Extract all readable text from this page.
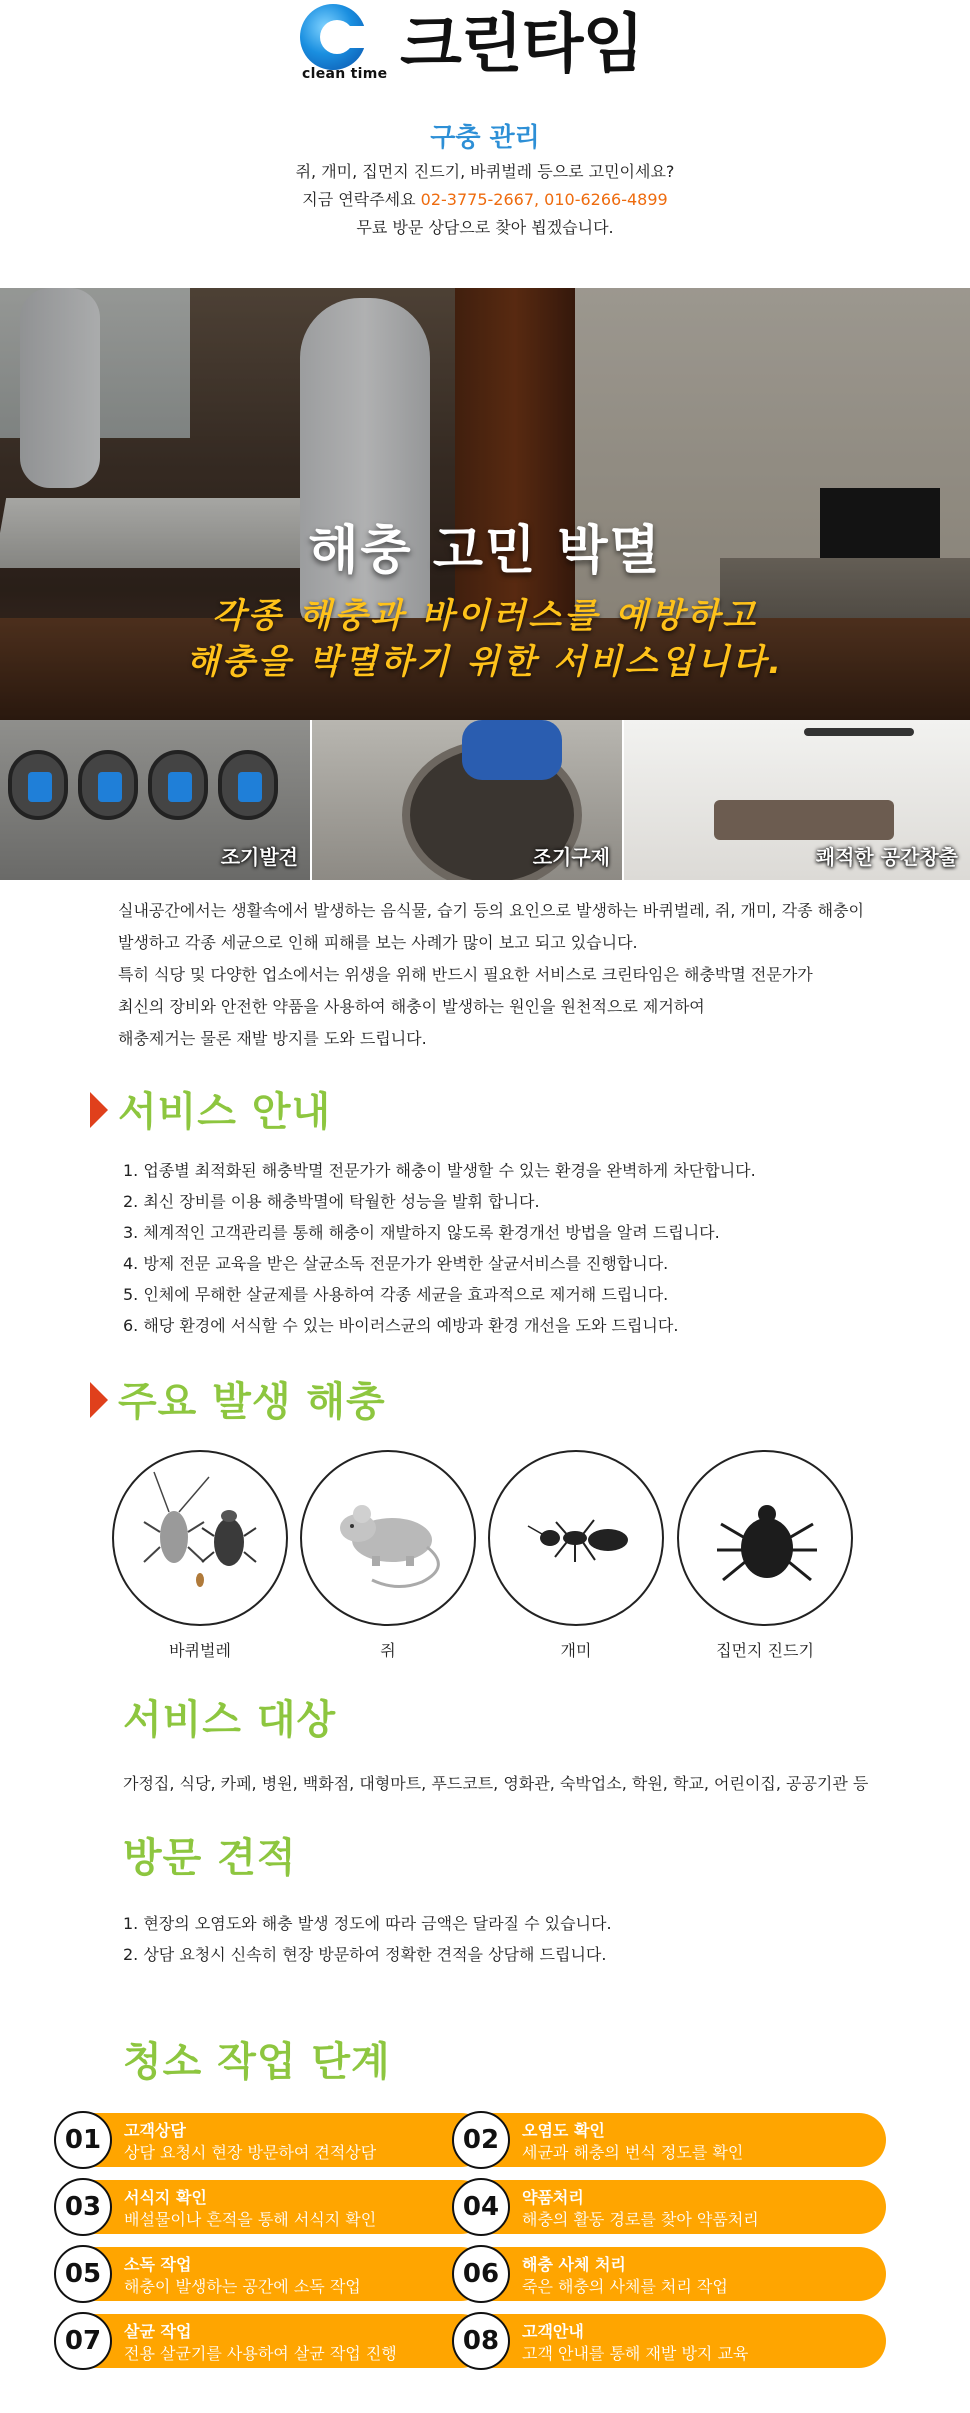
clean time 크린타임
구충 관리

쥐, 개미, 집먼지 진드기, 바퀴벌레 등으로 고민이세요?

지금 연락주세요 02-3775-2667, 010-6266-4899

무료 방문 상담으로 찾아 뵙겠습니다.

해충 고민 박멸
각종 해충과 바이러스를 예방하고
해충을 박멸하기 위한 서비스입니다.
조기발견	조기구제	쾌적한 공간창출
실내공간에서는 생활속에서 발생하는 음식물, 습기 등의 요인으로 발생하는 바퀴벌레, 쥐, 개미, 각종 해충이
발생하고 각종 세균으로 인해 피해를 보는 사례가 많이 보고 되고 있습니다.
특히 식당 및 다양한 업소에서는 위생을 위해 반드시 필요한 서비스로 크린타임은 해충박멸 전문가가
최신의 장비와 안전한 약품을 사용하여 해충이 발생하는 원인을 원천적으로 제거하여
해충제거는 물론 재발 방지를 도와 드립니다.
서비스 안내
1. 업종별 최적화된 해충박멸 전문가가 해충이 발생할 수 있는 환경을 완벽하게 차단합니다.
2. 최신 장비를 이용 해충박멸에 탁월한 성능을 발휘 합니다.
3. 체계적인 고객관리를 통해 해충이 재발하지 않도록 환경개선 방법을 알려 드립니다.
4. 방제 전문 교육을 받은 살균소독 전문가가 완벽한 살균서비스를 진행합니다.
5. 인체에 무해한 살균제를 사용하여 각종 세균을 효과적으로 제거해 드립니다.
6. 해당 환경에 서식할 수 있는 바이러스균의 예방과 환경 개선을 도와 드립니다.
주요 발생 해충
바퀴벌레	쥐	개미	집먼지 진드기
서비스 대상
가정집, 식당, 카페, 병원, 백화점, 대형마트, 푸드코트, 영화관, 숙박업소, 학원, 학교, 어린이집, 공공기관 등
방문 견적
1. 현장의 오염도와 해충 발생 정도에 따라 금액은 달라질 수 있습니다.
2. 상담 요청시 신속히 현장 방문하여 정확한 견적을 상담해 드립니다.
청소 작업 단계
01	고객상담
상담 요청시 현장 방문하여 견적상담	02	오염도 확인
세균과 해충의 번식 정도를 확인
03	서식지 확인
배설물이나 흔적을 통해 서식지 확인	04	약품처리
해충의 활동 경로를 찾아 약품처리
05	소독 작업
해충이 발생하는 공간에 소독 작업	06	해충 사체 처리
죽은 해충의 사체를 처리 작업
07	살균 작업
전용 살균기를 사용하여 살균 작업 진행	08	고객안내
고객 안내를 통해 재발 방지 교육
